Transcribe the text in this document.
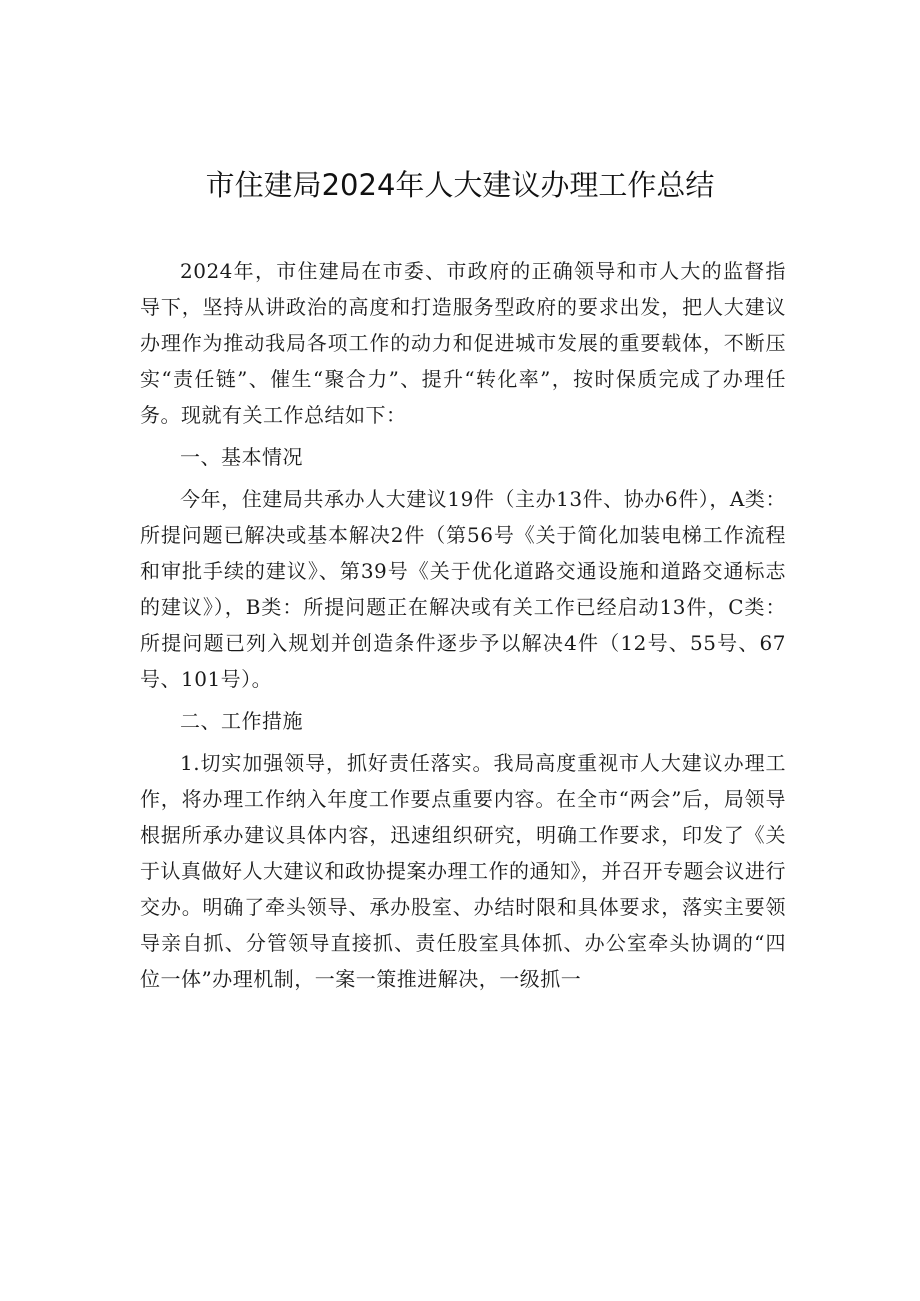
市住建局2024年人大建议办理工作总结

2024年，市住建局在市委、市政府的正确领导和市人大的监督指导下，坚持从讲政治的高度和打造服务型政府的要求出发，把人大建议办理作为推动我局各项工作的动力和促进城市发展的重要载体，不断压实“责任链”、催生“聚合力”、提升“转化率”，按时保质完成了办理任务。现就有关工作总结如下：

一、基本情况

今年，住建局共承办人大建议19件（主办13件、协办6件），A类：所提问题已解决或基本解决2件（第56号《关于简化加装电梯工作流程和审批手续的建议》、第39号《关于优化道路交通设施和道路交通标志的建议》），B类：所提问题正在解决或有关工作已经启动13件，C类：所提问题已列入规划并创造条件逐步予以解决4件（12号、55号、67号、101号）。

二、工作措施

1.切实加强领导，抓好责任落实。我局高度重视市人大建议办理工作，将办理工作纳入年度工作要点重要内容。在全市“两会”后，局领导根据所承办建议具体内容，迅速组织研究，明确工作要求，印发了《关于认真做好人大建议和政协提案办理工作的通知》，并召开专题会议进行交办。明确了牵头领导、承办股室、办结时限和具体要求，落实主要领导亲自抓、分管领导直接抓、责任股室具体抓、办公室牵头协调的“四位一体”办理机制，一案一策推进解决，一级抓一
